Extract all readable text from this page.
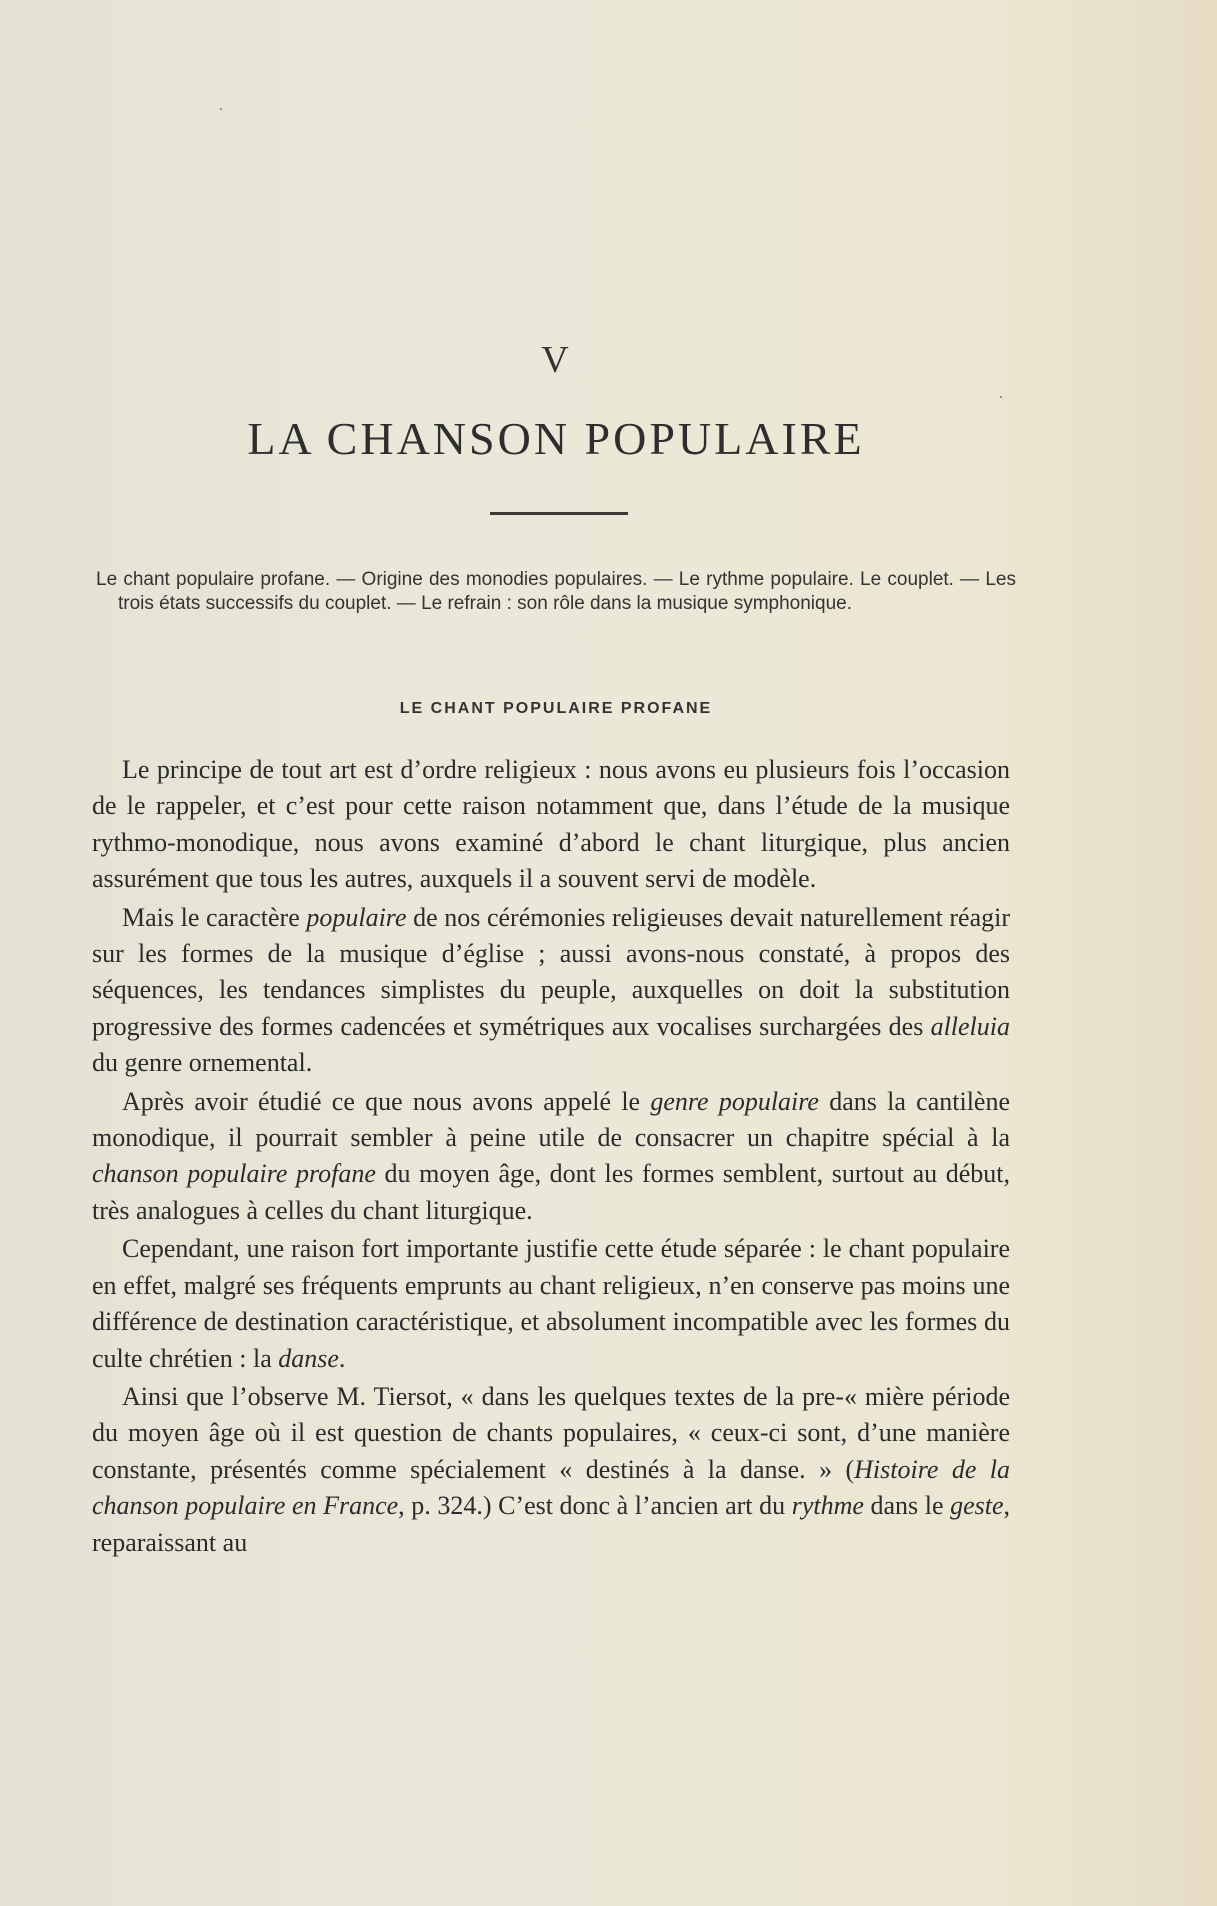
V
LA CHANSON POPULAIRE

Le chant populaire profane. — Origine des monodies populaires. — Le rythme populaire. Le couplet. — Les trois états successifs du couplet. — Le refrain : son rôle dans la musique symphonique.

LE CHANT POPULAIRE PROFANE

Le principe de tout art est d’ordre religieux : nous avons eu plusieurs fois l’occasion de le rappeler, et c’est pour cette raison notamment que, dans l’étude de la musique rythmo-monodique, nous avons examiné d’abord le chant liturgique, plus ancien assurément que tous les autres, auxquels il a souvent servi de modèle.

Mais le caractère populaire de nos cérémonies religieuses devait naturellement réagir sur les formes de la musique d’église ; aussi avons-nous constaté, à propos des séquences, les tendances simplistes du peuple, auxquelles on doit la substitution progressive des formes cadencées et symétriques aux vocalises surchargées des alleluia du genre ornemental.

Après avoir étudié ce que nous avons appelé le genre populaire dans la cantilène monodique, il pourrait sembler à peine utile de consacrer un chapitre spécial à la chanson populaire profane du moyen âge, dont les formes semblent, surtout au début, très analogues à celles du chant liturgique.

Cependant, une raison fort importante justifie cette étude séparée : le chant populaire en effet, malgré ses fréquents emprunts au chant religieux, n’en conserve pas moins une différence de destination caractéristique, et absolument incompatible avec les formes du culte chrétien : la danse.

Ainsi que l’observe M. Tiersot, « dans les quelques textes de la pre-« mière période du moyen âge où il est question de chants populaires, « ceux-ci sont, d’une manière constante, présentés comme spécialement « destinés à la danse. » (Histoire de la chanson populaire en France, p. 324.) C’est donc à l’ancien art du rythme dans le geste, reparaissant au
